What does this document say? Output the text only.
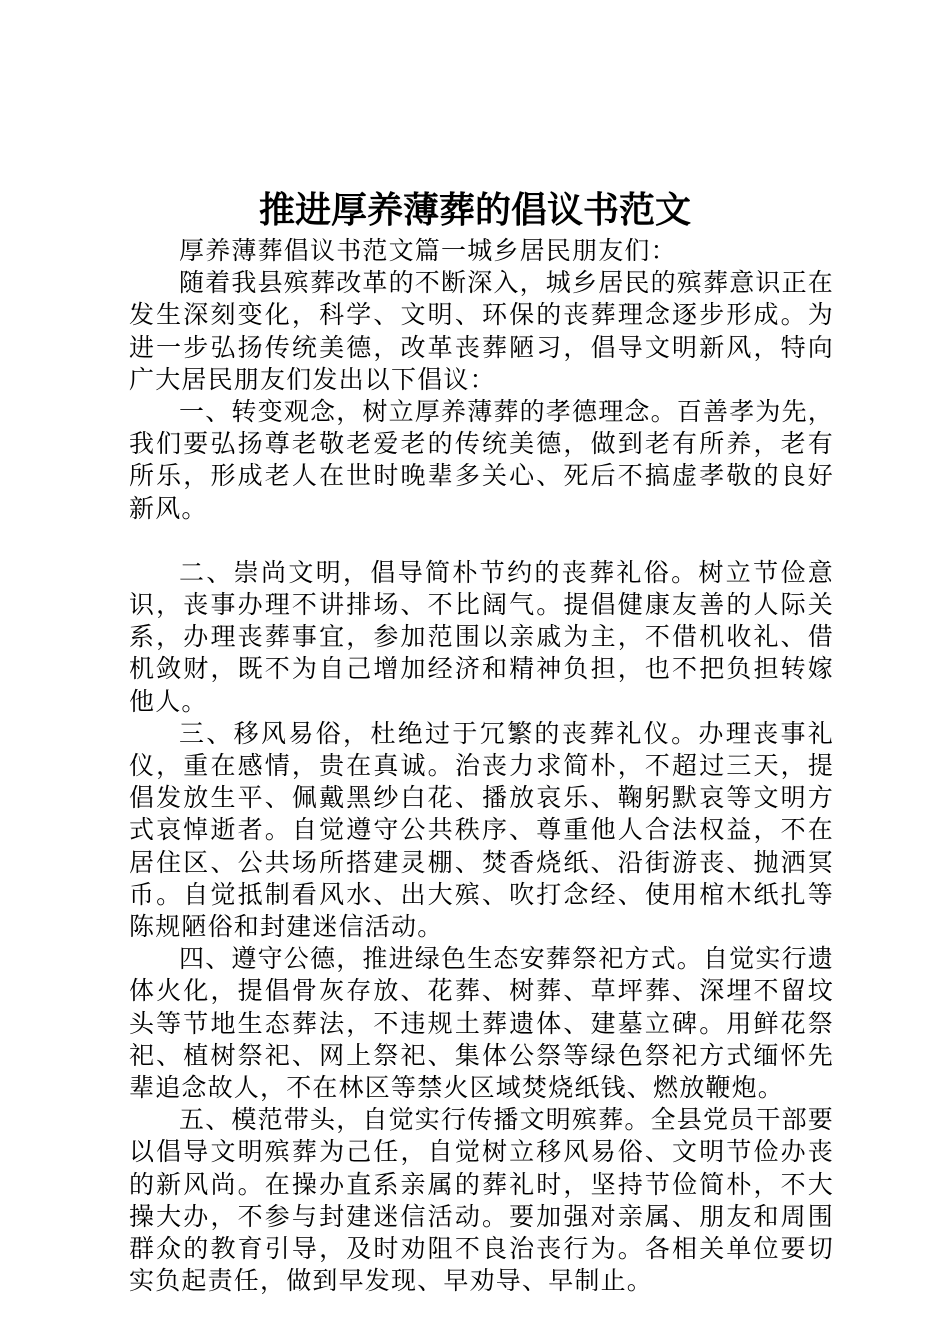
推进厚养薄葬的倡议书范文

厚养薄葬倡议书范文篇一城乡居民朋友们：

随着我县殡葬改革的不断深入，城乡居民的殡葬意识正在发生深刻变化，科学、文明、环保的丧葬理念逐步形成。为进一步弘扬传统美德，改革丧葬陋习，倡导文明新风，特向广大居民朋友们发出以下倡议：

一、转变观念，树立厚养薄葬的孝德理念。百善孝为先，我们要弘扬尊老敬老爱老的传统美德，做到老有所养，老有所乐，形成老人在世时晚辈多关心、死后不搞虚孝敬的良好新风。

二、崇尚文明，倡导简朴节约的丧葬礼俗。树立节俭意识，丧事办理不讲排场、不比阔气。提倡健康友善的人际关系，办理丧葬事宜，参加范围以亲戚为主，不借机收礼、借机敛财，既不为自己增加经济和精神负担，也不把负担转嫁他人。

三、移风易俗，杜绝过于冗繁的丧葬礼仪。办理丧事礼仪，重在感情，贵在真诚。治丧力求简朴，不超过三天，提倡发放生平、佩戴黑纱白花、播放哀乐、鞠躬默哀等文明方式哀悼逝者。自觉遵守公共秩序、尊重他人合法权益，不在居住区、公共场所搭建灵棚、焚香烧纸、沿街游丧、抛洒冥币。自觉抵制看风水、出大殡、吹打念经、使用棺木纸扎等陈规陋俗和封建迷信活动。

四、遵守公德，推进绿色生态安葬祭祀方式。自觉实行遗体火化，提倡骨灰存放、花葬、树葬、草坪葬、深埋不留坟头等节地生态葬法，不违规土葬遗体、建墓立碑。用鲜花祭祀、植树祭祀、网上祭祀、集体公祭等绿色祭祀方式缅怀先辈追念故人，不在林区等禁火区域焚烧纸钱、燃放鞭炮。

五、模范带头，自觉实行传播文明殡葬。全县党员干部要以倡导文明殡葬为己任，自觉树立移风易俗、文明节俭办丧的新风尚。在操办直系亲属的葬礼时，坚持节俭简朴，不大操大办，不参与封建迷信活动。要加强对亲属、朋友和周围群众的教育引导，及时劝阻不良治丧行为。各相关单位要切实负起责任，做到早发现、早劝导、早制止。
